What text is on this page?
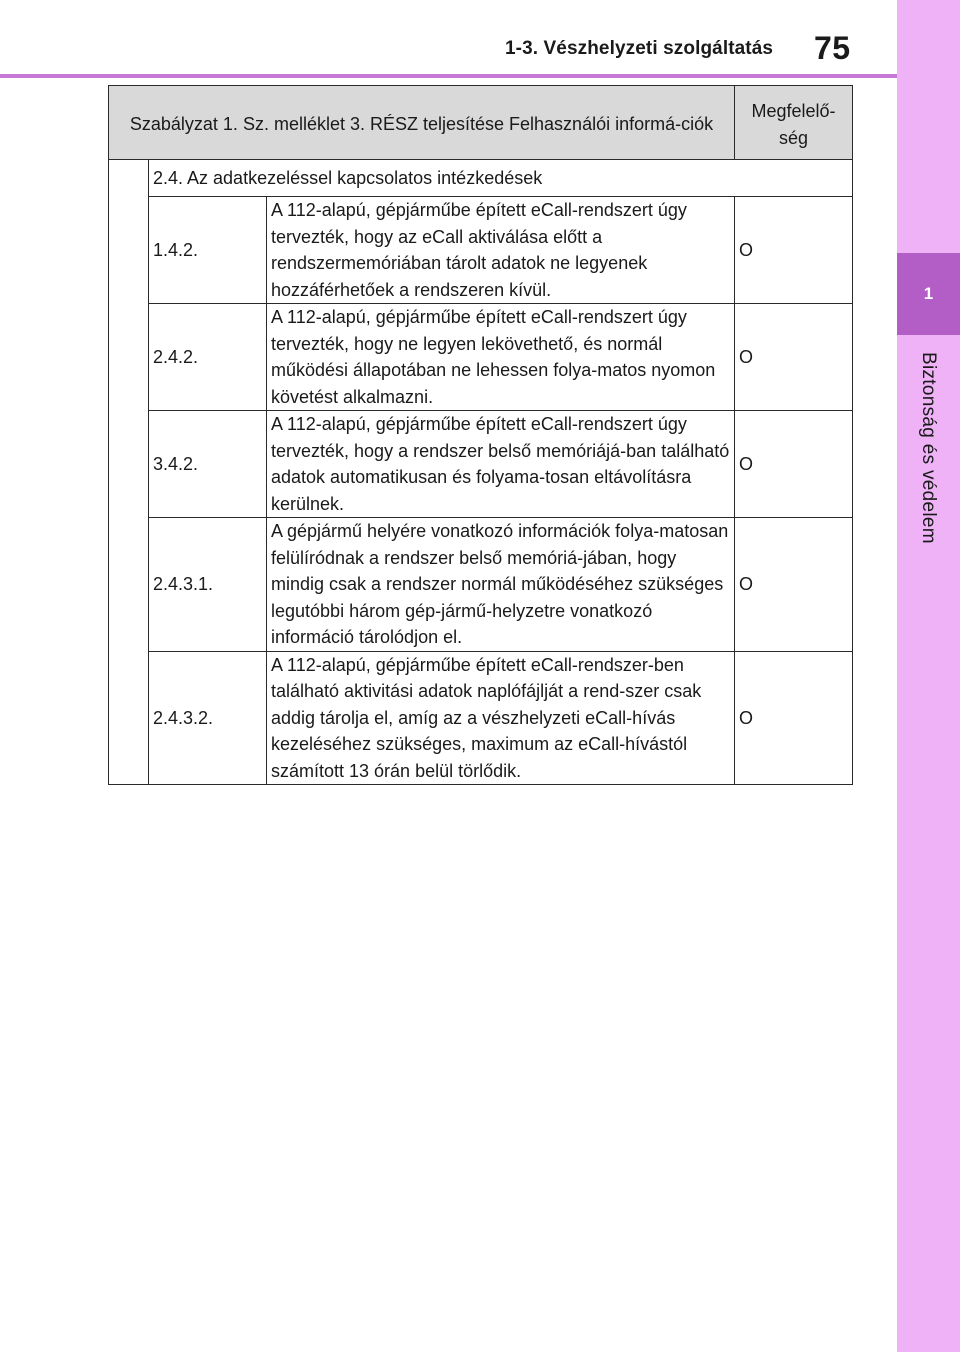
1-3. Vészhelyzeti szolgáltatás 75
1
Biztonság és védelem
Szabályzat 1. Sz. melléklet 3. RÉSZ teljesítése Felhasználói informá-ciók			Megfelelő-ség
	2.4. Az adatkezeléssel kapcsolatos intézkedések		
	1.4.2.	A 112-alapú, gépjárműbe épített eCall-rendszert úgy tervezték, hogy az eCall aktiválása előtt a rendszermemóriában tárolt adatok ne legyenek hozzáférhetőek a rendszeren kívül.	O
	2.4.2.	A 112-alapú, gépjárműbe épített eCall-rendszert úgy tervezték, hogy ne legyen lekövethető, és normál működési állapotában ne lehessen folya-matos nyomon követést alkalmazni.	O
	3.4.2.	A 112-alapú, gépjárműbe épített eCall-rendszert úgy tervezték, hogy a rendszer belső memóriájá-ban található adatok automatikusan és folyama-tosan eltávolításra kerülnek.	O
	2.4.3.1.	A gépjármű helyére vonatkozó információk folya-matosan felülíródnak a rendszer belső memóriá-jában, hogy mindig csak a rendszer normál működéséhez szükséges legutóbbi három gép-jármű-helyzetre vonatkozó információ tárolódjon el.	O
	2.4.3.2.	A 112-alapú, gépjárműbe épített eCall-rendszer-ben található aktivitási adatok naplófájlját a rend-szer csak addig tárolja el, amíg az a vészhelyzeti eCall-hívás kezeléséhez szükséges, maximum az eCall-hívástól számított 13 órán belül törlődik.	O
